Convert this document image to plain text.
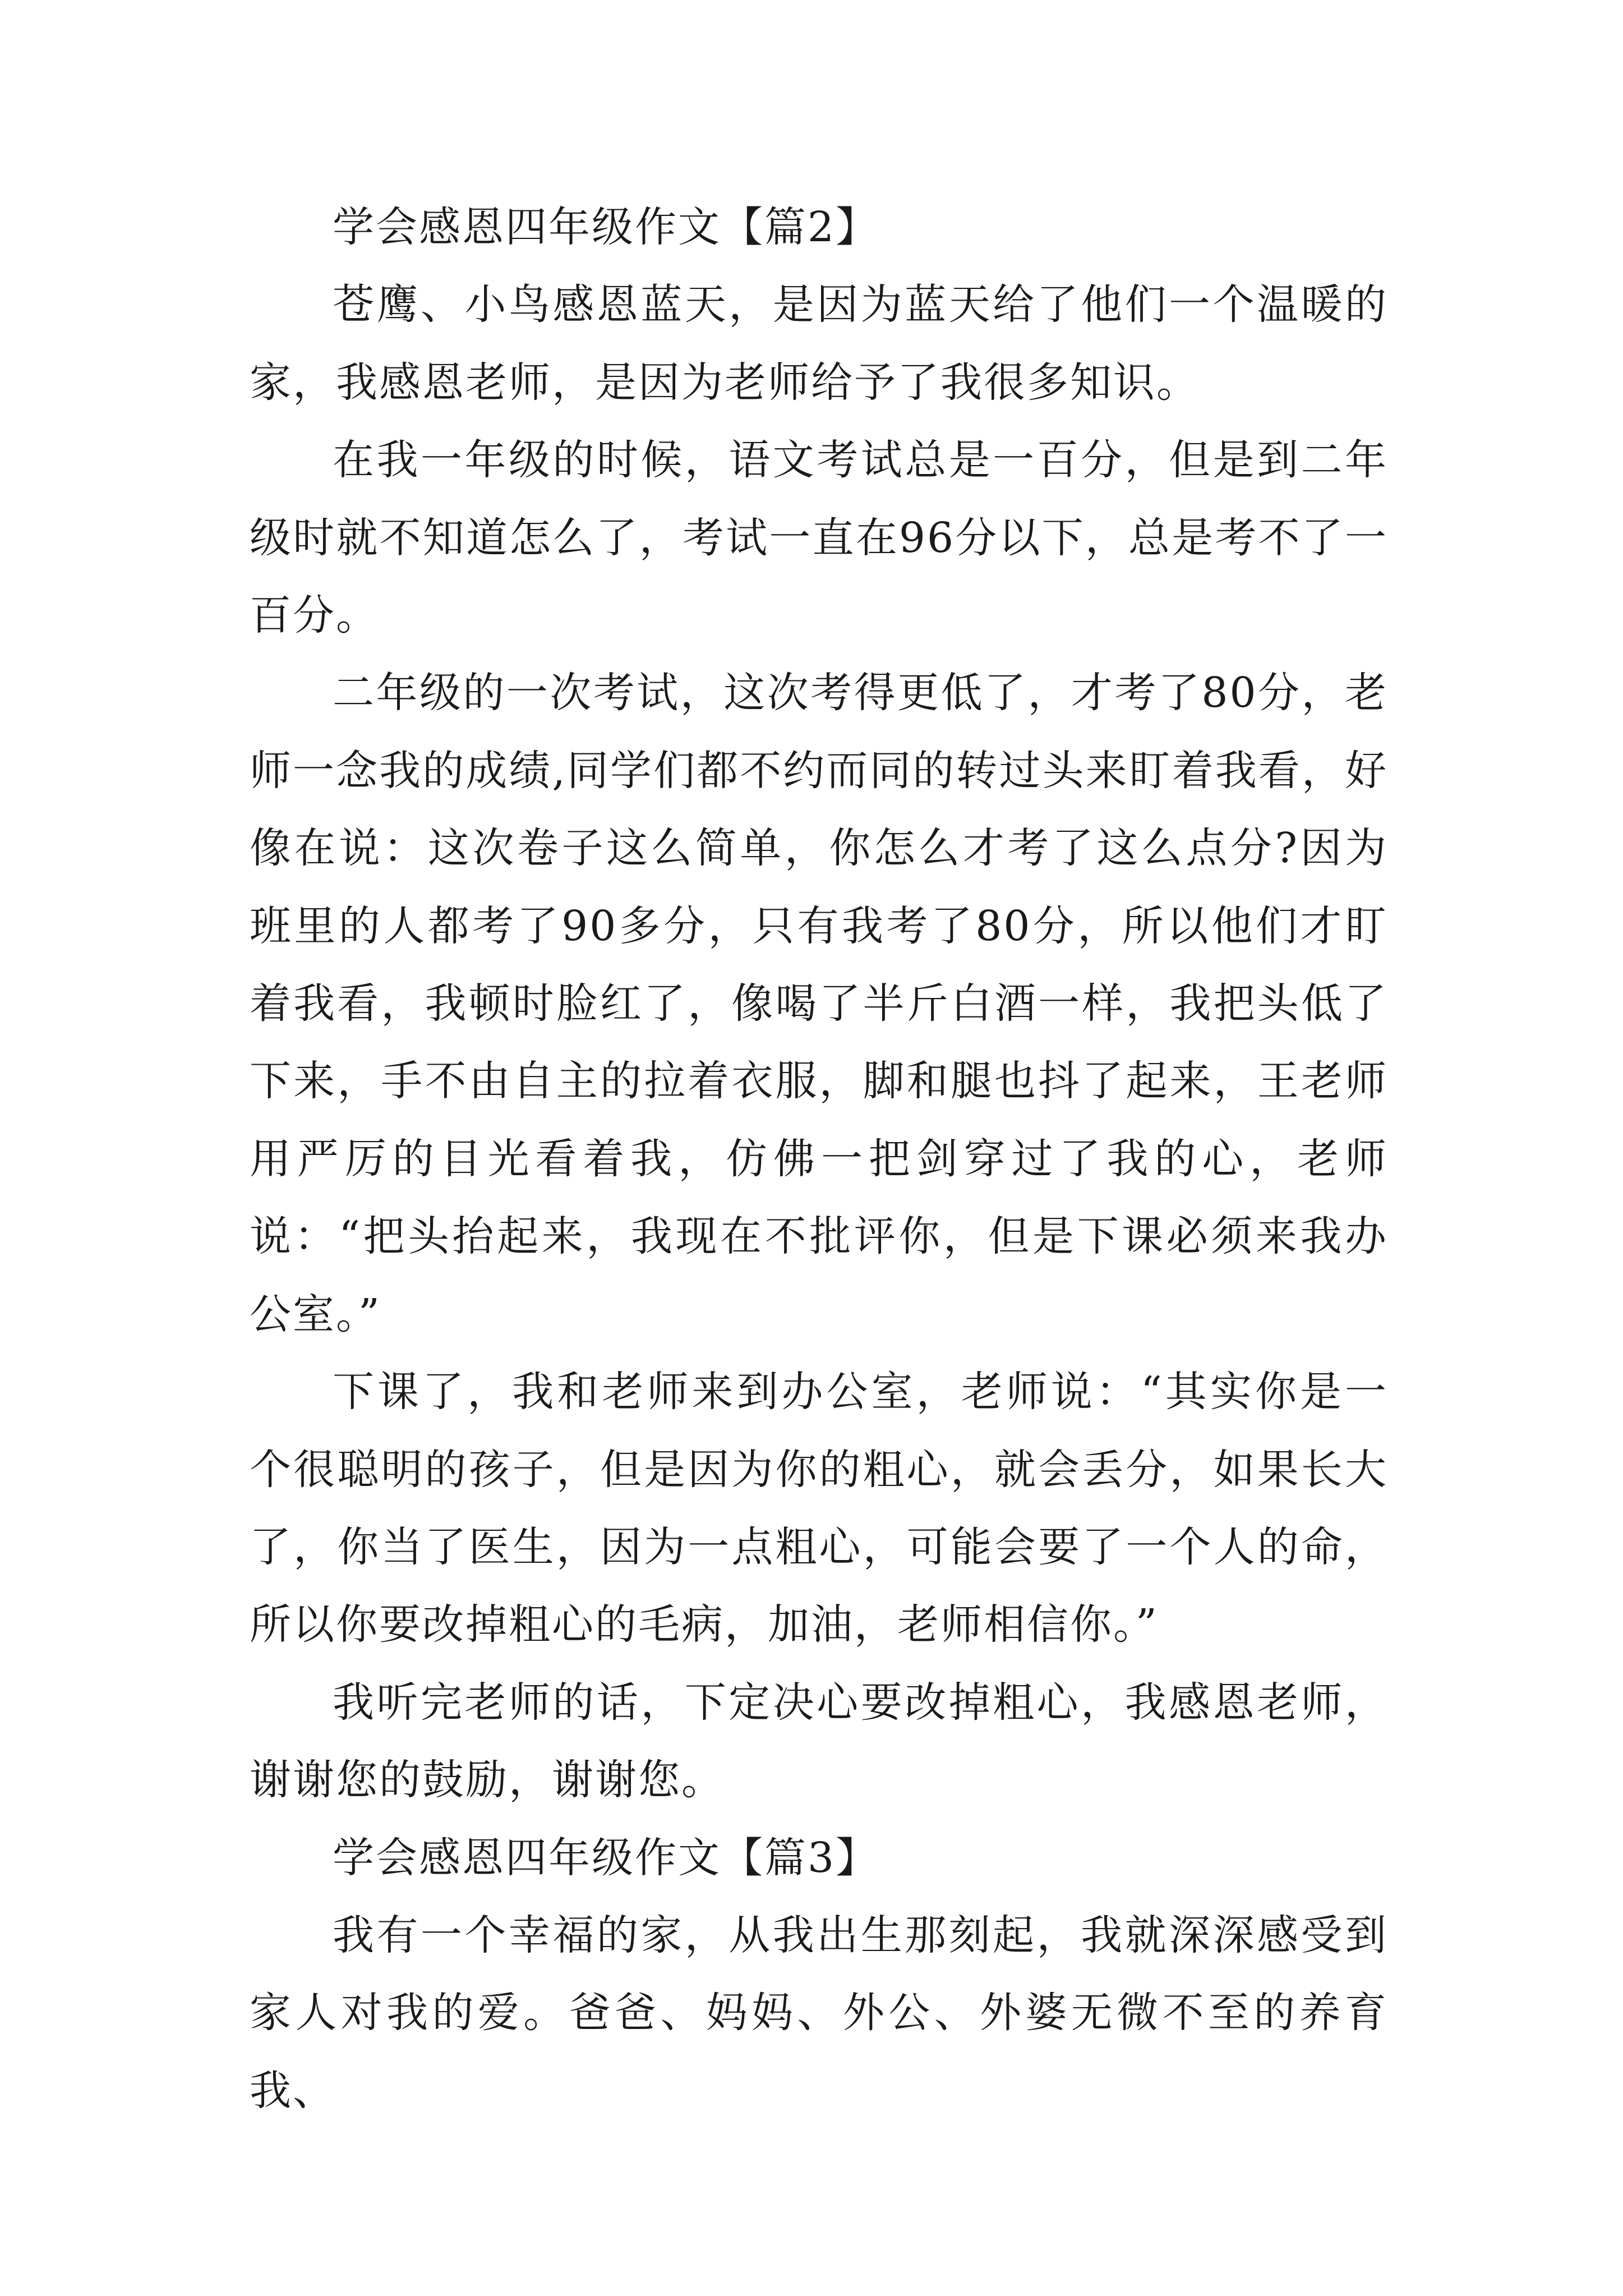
学会感恩四年级作文【篇2】

苍鹰、小鸟感恩蓝天，是因为蓝天给了他们一个温暖的家，我感恩老师，是因为老师给予了我很多知识。

在我一年级的时候，语文考试总是一百分，但是到二年级时就不知道怎么了，考试一直在96分以下，总是考不了一百分。

二年级的一次考试，这次考得更低了，才考了80分，老师一念我的成绩,同学们都不约而同的转过头来盯着我看，好像在说：这次卷子这么简单，你怎么才考了这么点分?因为班里的人都考了90多分，只有我考了80分，所以他们才盯着我看，我顿时脸红了，像喝了半斤白酒一样，我把头低了下来，手不由自主的拉着衣服，脚和腿也抖了起来，王老师用严厉的目光看着我，仿佛一把剑穿过了我的心，老师说：“把头抬起来，我现在不批评你，但是下课必须来我办公室。”

下课了，我和老师来到办公室，老师说：“其实你是一个很聪明的孩子，但是因为你的粗心，就会丢分，如果长大了，你当了医生，因为一点粗心，可能会要了一个人的命，所以你要改掉粗心的毛病，加油，老师相信你。”

我听完老师的话，下定决心要改掉粗心，我感恩老师，谢谢您的鼓励，谢谢您。

学会感恩四年级作文【篇3】

我有一个幸福的家，从我出生那刻起，我就深深感受到家人对我的爱。爸爸、妈妈、外公、外婆无微不至的养育我、
